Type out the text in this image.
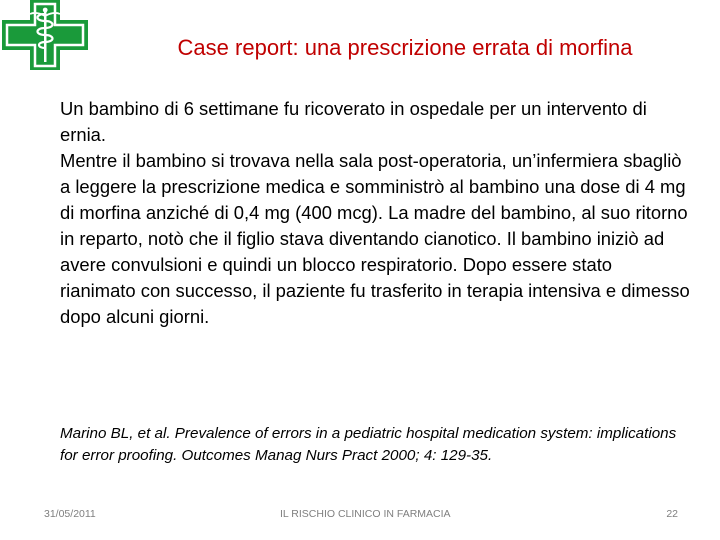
Case report: una prescrizione errata di morfina

Un bambino di 6 settimane fu ricoverato in ospedale per un intervento di ernia.

Mentre il bambino si trovava nella sala post-operatoria, un’infermiera sbagliò a leggere la prescrizione medica e somministrò al bambino una dose di 4 mg di morfina anziché di 0,4 mg (400 mcg). La madre del bambino, al suo ritorno in reparto, notò che il figlio stava diventando cianotico. Il bambino iniziò ad avere convulsioni e quindi un blocco respiratorio. Dopo essere stato rianimato con successo, il paziente fu trasferito in terapia intensiva e dimesso dopo alcuni giorni.

Marino BL, et al. Prevalence of errors in a pediatric hospital medication system: implications for error proofing. Outcomes Manag Nurs Pract 2000; 4: 129-35.
31/05/2011	IL RISCHIO CLINICO IN FARMACIA	22
